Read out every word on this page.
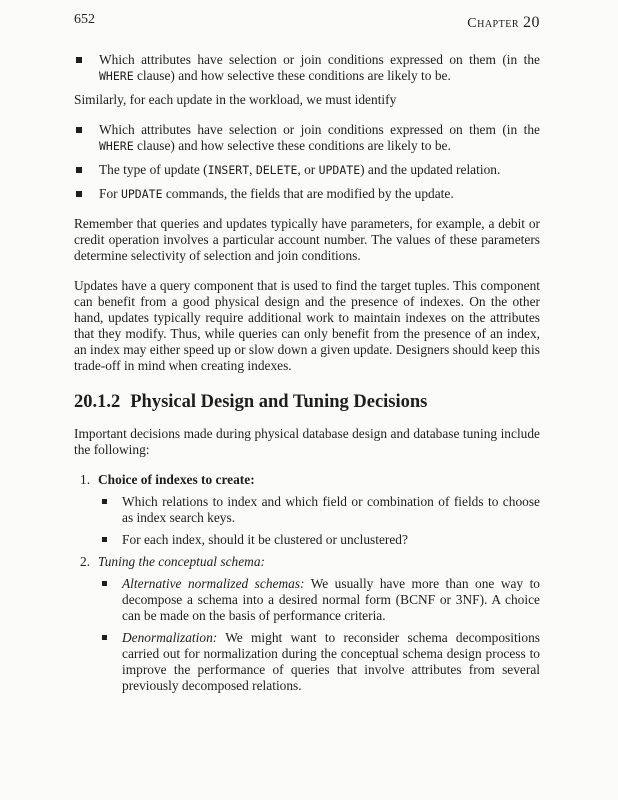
652	Chapter 20
Which attributes have selection or join conditions expressed on them (in the WHERE clause) and how selective these conditions are likely to be.

Similarly, for each update in the workload, we must identify

Which attributes have selection or join conditions expressed on them (in the WHERE clause) and how selective these conditions are likely to be.
The type of update (INSERT, DELETE, or UPDATE) and the updated relation.
For UPDATE commands, the fields that are modified by the update.

Remember that queries and updates typically have parameters, for example, a debit or credit operation involves a particular account number. The values of these parameters determine selectivity of selection and join conditions.

Updates have a query component that is used to find the target tuples. This component can benefit from a good physical design and the presence of indexes. On the other hand, updates typically require additional work to maintain indexes on the attributes that they modify. Thus, while queries can only benefit from the presence of an index, an index may either speed up or slow down a given update. Designers should keep this trade-off in mind when creating indexes.

20.1.2 Physical Design and Tuning Decisions

Important decisions made during physical database design and database tuning include the following:

1. Choice of indexes to create:
Which relations to index and which field or combination of fields to choose as index search keys.
For each index, should it be clustered or unclustered?
2. Tuning the conceptual schema:
Alternative normalized schemas: We usually have more than one way to decompose a schema into a desired normal form (BCNF or 3NF). A choice can be made on the basis of performance criteria.
Denormalization: We might want to reconsider schema decompositions carried out for normalization during the conceptual schema design process to improve the performance of queries that involve attributes from several previously decomposed relations.
